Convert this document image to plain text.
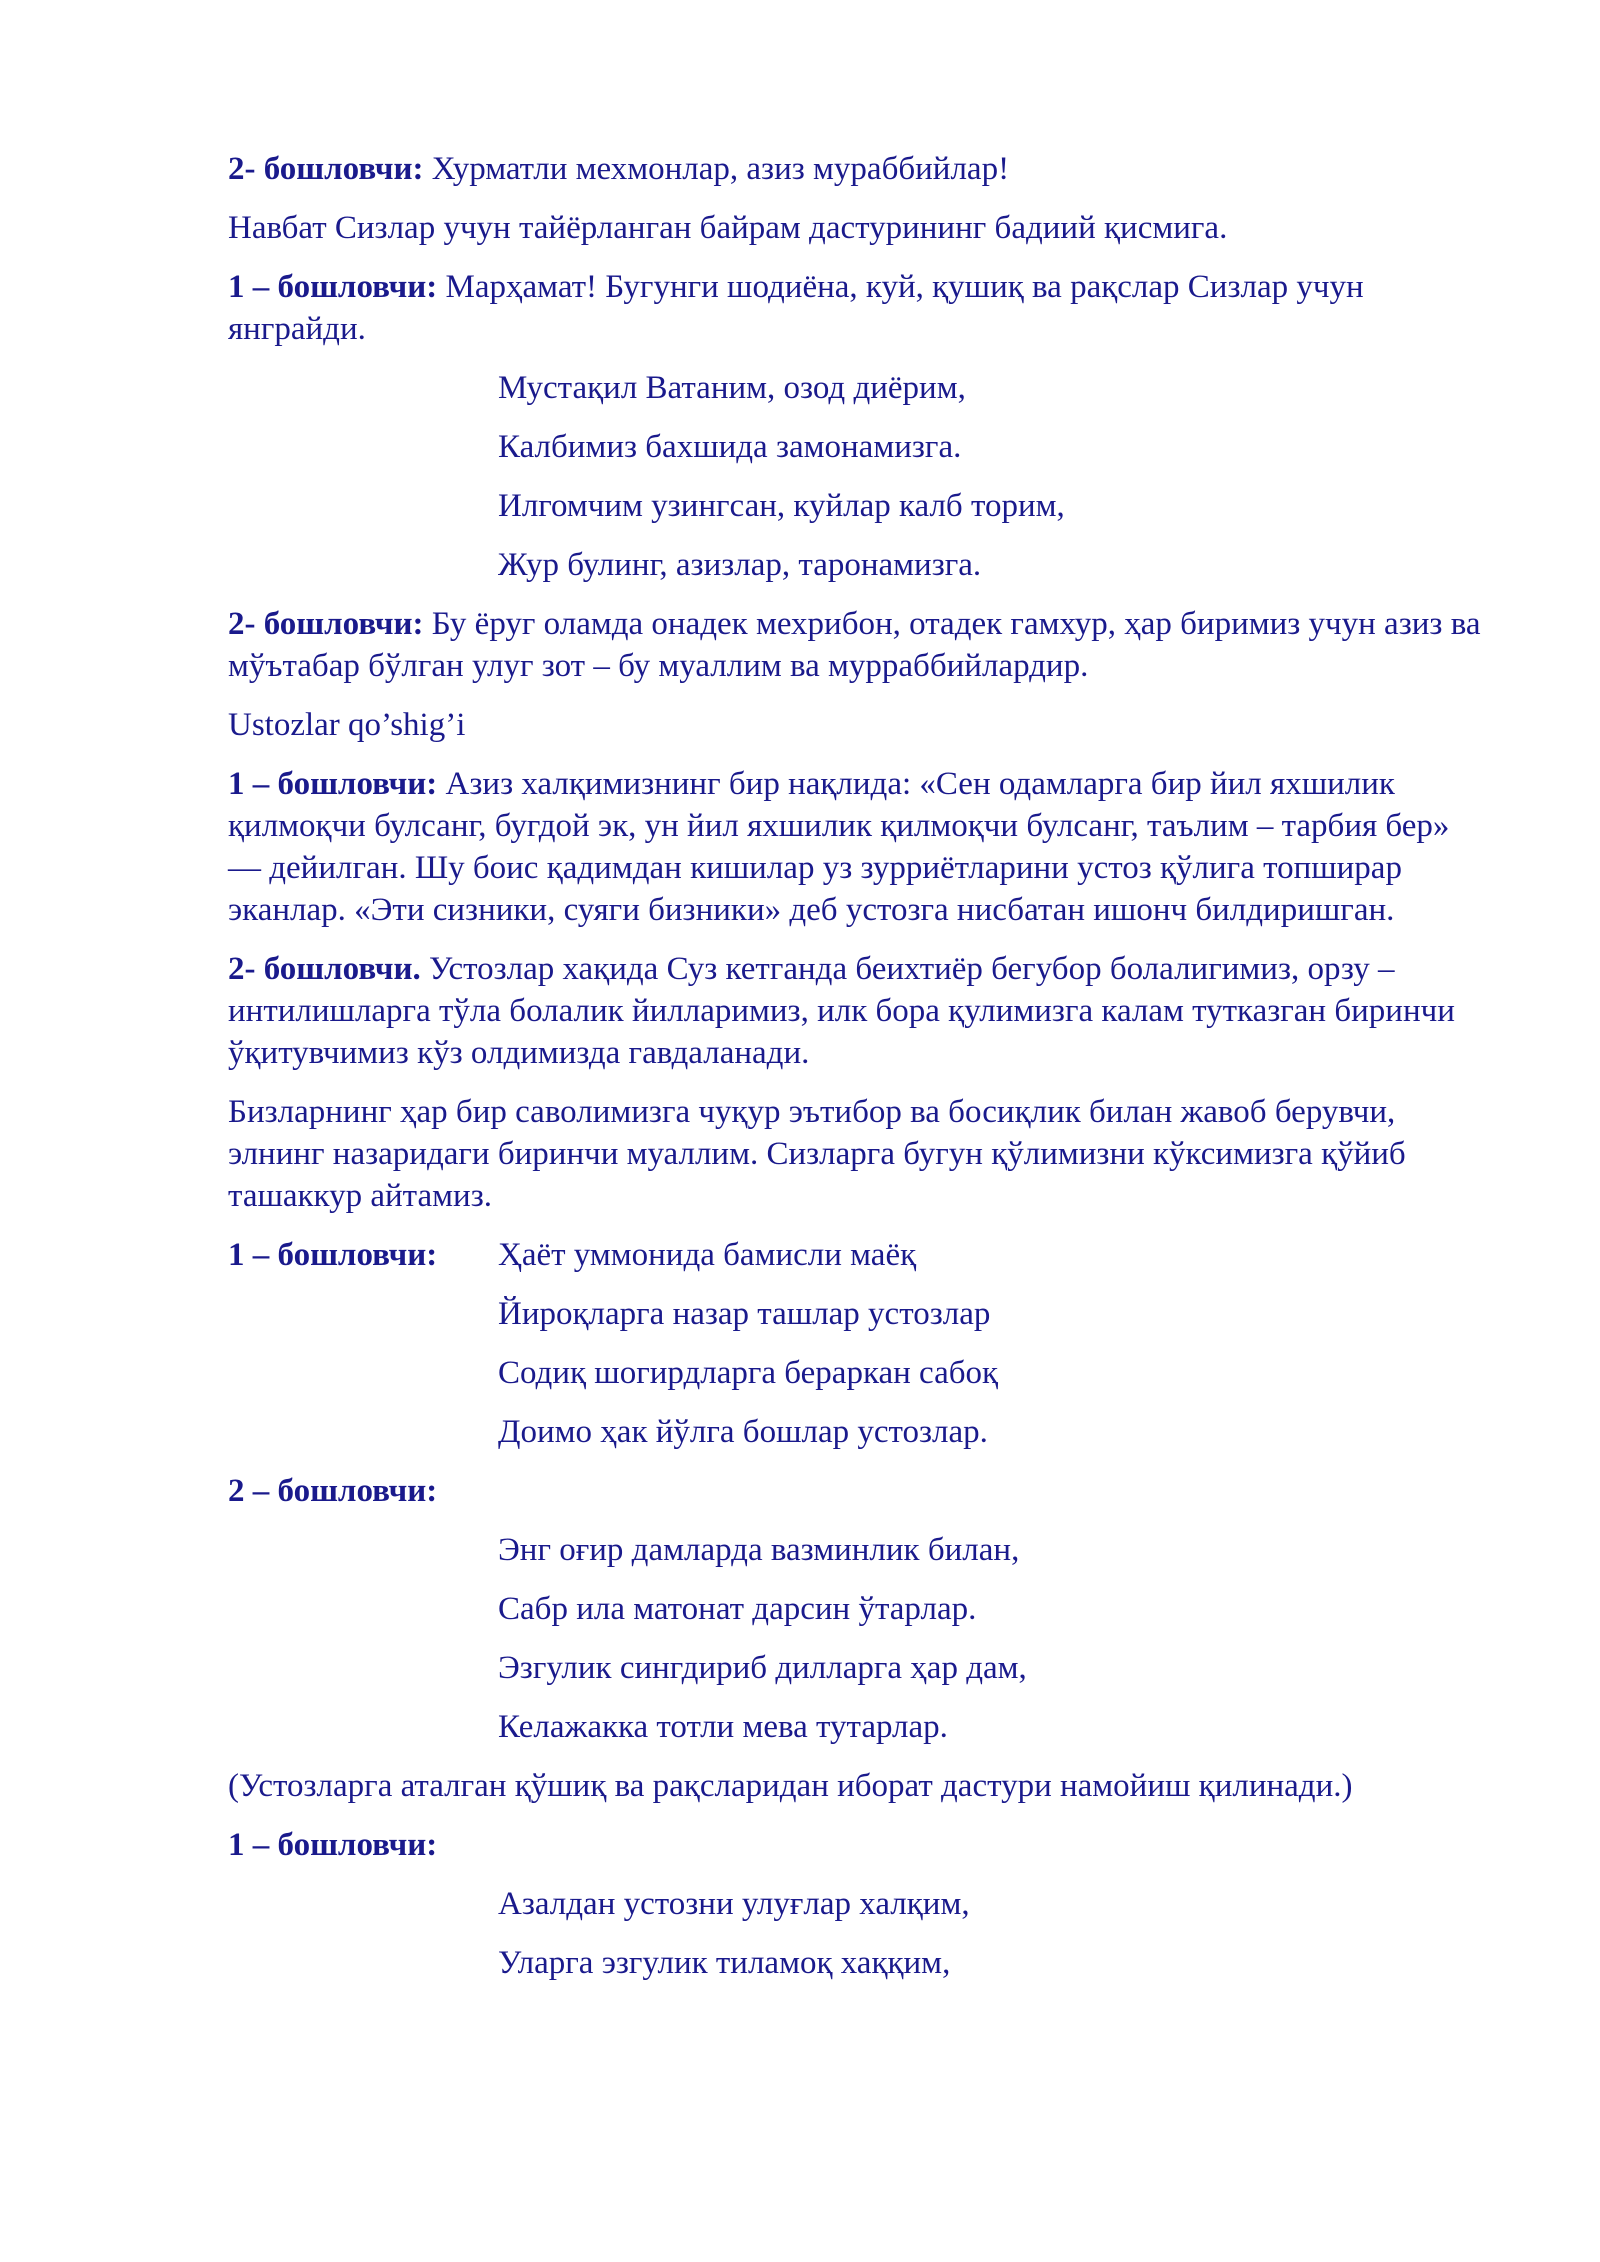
2- бошловчи: Хурматли мехмонлар, азиз мураббийлар!

Навбат Сизлар учун тайёрланган байрам дастурининг бадиий қисмига.

1 – бошловчи: Марҳамат! Бугунги шодиёна, куй, қушиқ ва рақслар Сизлар учун янграйди.

Мустақил Ватаним, озод диёрим,
Калбимиз бахшида замонамизга.
Илгомчим узингсан, куйлар калб торим,
Жур булинг, азизлар, таронамизга.

2- бошловчи: Бу ёруг оламда онадек мехрибон, отадек гамхур, ҳар биримиз учун азиз ва мўътабар бўлган улуг зот – бу муаллим ва мурраббийлардир.

Ustozlar qo’shig’i

1 – бошловчи: Азиз халқимизнинг бир нақлида: «Сен одамларга бир йил яхшилик қилмоқчи булсанг, бугдой эк, ун йил яхшилик қилмоқчи булсанг, таълим – тарбия бер» — дейилган. Шу боис қадимдан кишилар уз зурриётларини устоз қўлига топширар эканлар. «Эти сизники, суяги бизники» деб устозга нисбатан ишонч билдиришган.

2- бошловчи. Устозлар хақида Суз кетганда беихтиёр бегубор болалигимиз, орзу – интилишларга тўла болалик йилларимиз, илк бора қулимизга калам тутказган биринчи ўқитувчимиз кўз олдимизда гавдаланади.

Бизларнинг ҳар бир саволимизга чуқур эътибор ва босиқлик билан жавоб берувчи, элнинг назаридаги биринчи муаллим. Сизларга бугун қўлимизни кўксимизга қўйиб ташаккур айтамиз.

1 – бошловчи:	Ҳаёт уммонида бамисли маёқ
Йироқларга назар ташлар устозлар
Содиқ шогирдларга бераркан сабоқ
Доимо ҳак йўлга бошлар устозлар.

2 – бошловчи:

Энг оғир дамларда вазминлик билан,
Сабр ила матонат дарсин ўтарлар.
Эзгулик сингдириб дилларга ҳар дам,
Келажакка тотли мева тутарлар.

(Устозларга аталган қўшиқ ва рақсларидан иборат дастури намойиш қилинади.)

1 – бошловчи:

Азалдан устозни улуғлар халқим,
Уларга эзгулик тиламоқ хаққим,
